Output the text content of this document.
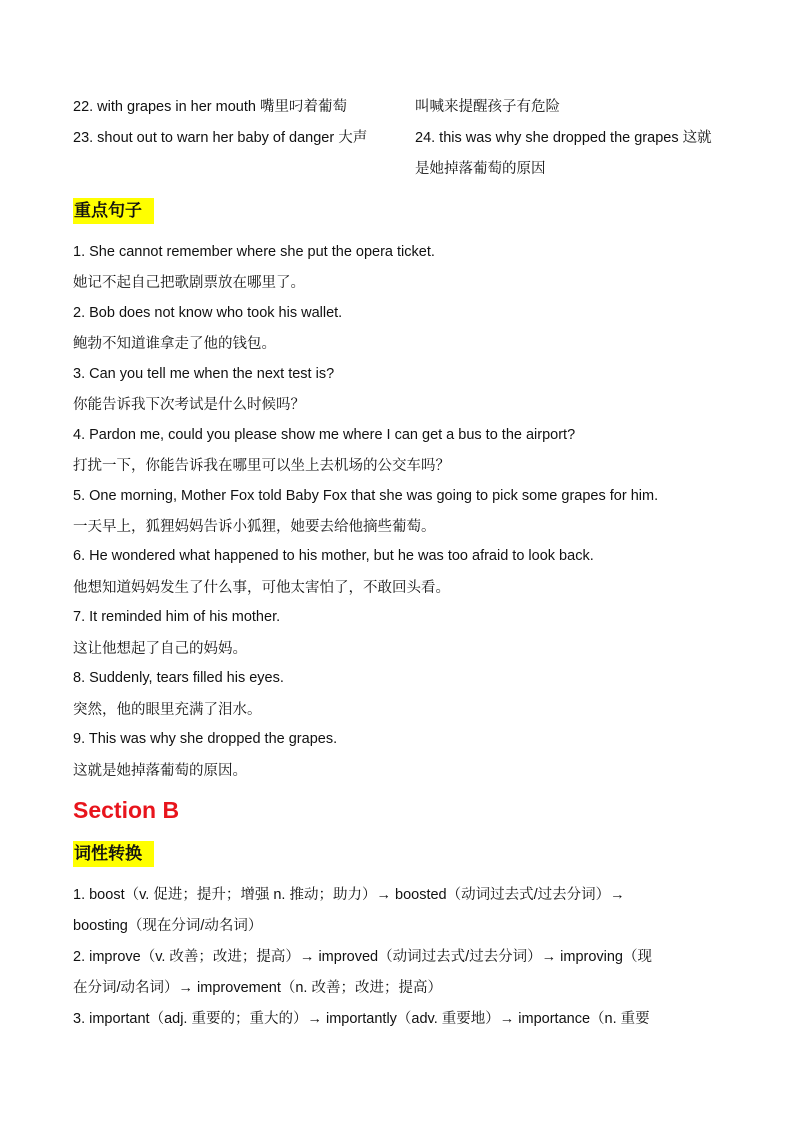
22. with grapes in her mouth 嘴里叼着葡萄
23. shout out to warn her baby of danger 大声
叫喊来提醒孩子有危险
24. this was why she dropped the grapes 这就
是她掉落葡萄的原因
重点句子
1. She cannot remember where she put the opera ticket.
她记不起自己把歌剧票放在哪里了。
2. Bob does not know who took his wallet.
鲍勃不知道谁拿走了他的钱包。
3. Can you tell me when the next test is?
你能告诉我下次考试是什么时候吗？
4. Pardon me, could you please show me where I can get a bus to the airport?
打扰一下，你能告诉我在哪里可以坐上去机场的公交车吗？
5. One morning, Mother Fox told Baby Fox that she was going to pick some grapes for him.
一天早上，狐狸妈妈告诉小狐狸，她要去给他摘些葡萄。
6. He wondered what happened to his mother, but he was too afraid to look back.
他想知道妈妈发生了什么事，可他太害怕了，不敢回头看。
7. It reminded him of his mother.
这让他想起了自己的妈妈。
8. Suddenly, tears filled his eyes.
突然，他的眼里充满了泪水。
9. This was why she dropped the grapes.
这就是她掉落葡萄的原因。
Section B
词性转换
1. boost（v. 促进；提升；增强 n. 推动；助力）→ boosted（动词过去式/过去分词）→
boosting（现在分词/动名词）
2. improve（v. 改善；改进；提高）→ improved（动词过去式/过去分词）→ improving（现
在分词/动名词）→ improvement（n. 改善；改进；提高）
3. important（adj. 重要的；重大的）→ importantly（adv. 重要地）→ importance（n. 重要
